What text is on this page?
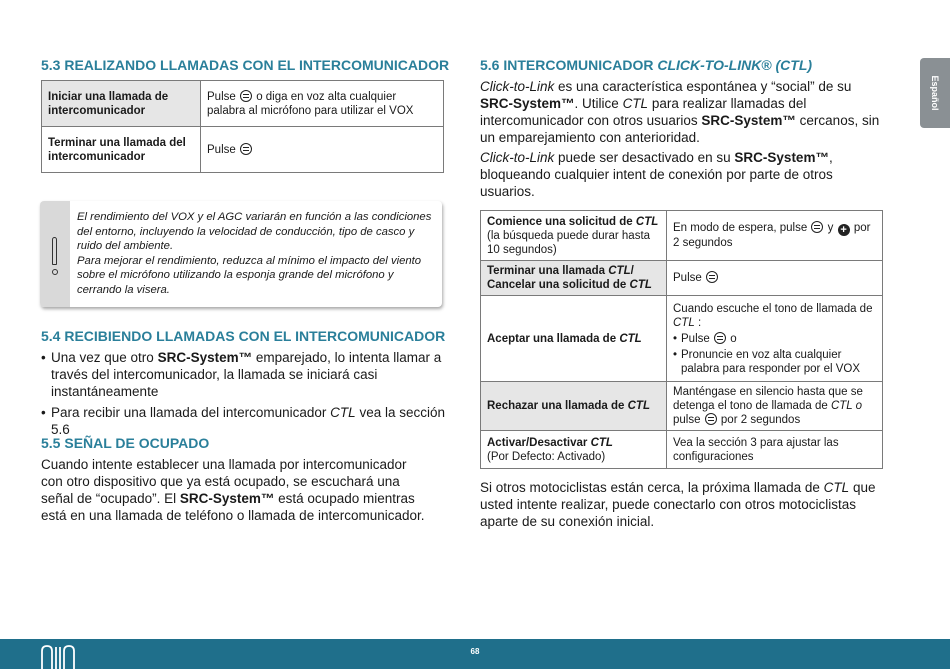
Español
5.3 REALIZANDO LLAMADAS CON EL INTERCOMUNICADOR
Iniciar una llamada de intercomunicador	Pulse o diga en voz alta cualquier palabra al micrófono para utilizar el VOX
Terminar una llamada del intercomunicador	Pulse

El rendimiento del VOX y el AGC variarán en función a las condiciones del entorno, incluyendo la velocidad de conducción, tipo de casco y ruido del ambiente.
Para mejorar el rendimiento, reduzca al mínimo el impacto del viento sobre el micrófono utilizando la esponja grande del micrófono y cerrando la visera.

5.4 RECIBIENDO LLAMADAS CON EL INTERCOMUNICADOR
• Una vez que otro SRC-System™ emparejado, lo intenta llamar a través del intercomunicador, la llamada se iniciará casi instantáneamente
• Para recibir una llamada del intercomunicador CTL vea la sección 5.6
5.5 SEÑAL DE OCUPADO

Cuando intente establecer una llamada por intercomunicador con otro dispositivo que ya está ocupado, se escuchará una señal de “ocupado”. El SRC-System™ está ocupado mientras está en una llamada de teléfono o llamada de intercomunicador.

5.6 INTERCOMUNICADOR CLICK-TO-LINK® (CTL)

Click-to-Link es una característica espontánea y “social” de su SRC-System™. Utilice CTL para realizar llamadas del intercomunicador con otros usuarios SRC-System™ cercanos, sin un emparejamiento con anterioridad.

Click-to-Link puede ser desactivado en su SRC-System™, bloqueando cualquier intent de conexión por parte de otros usuarios.

Comience una solicitud de CTL
(la búsqueda puede durar hasta 10 segundos)	En modo de espera, pulse y + por 2 segundos
Terminar una llamada CTL/ Cancelar una solicitud de CTL	Pulse
Aceptar una llamada de CTL	Cuando escuche el tono de llamada de CTL :
• Pulse o
• Pronuncie en voz alta cualquier palabra para responder por el VOX

Rechazar una llamada de CTL	Manténgase en silencio hasta que se detenga el tono de llamada de CTL o pulse por 2 segundos
Activar/Desactivar CTL
(Por Defecto: Activado)	Vea la sección 3 para ajustar las configuraciones

Si otros motociclistas están cerca, la próxima llamada de CTL que usted intente realizar, puede conectarlo con otros motociclistas aparte de su conexión inicial.

68
